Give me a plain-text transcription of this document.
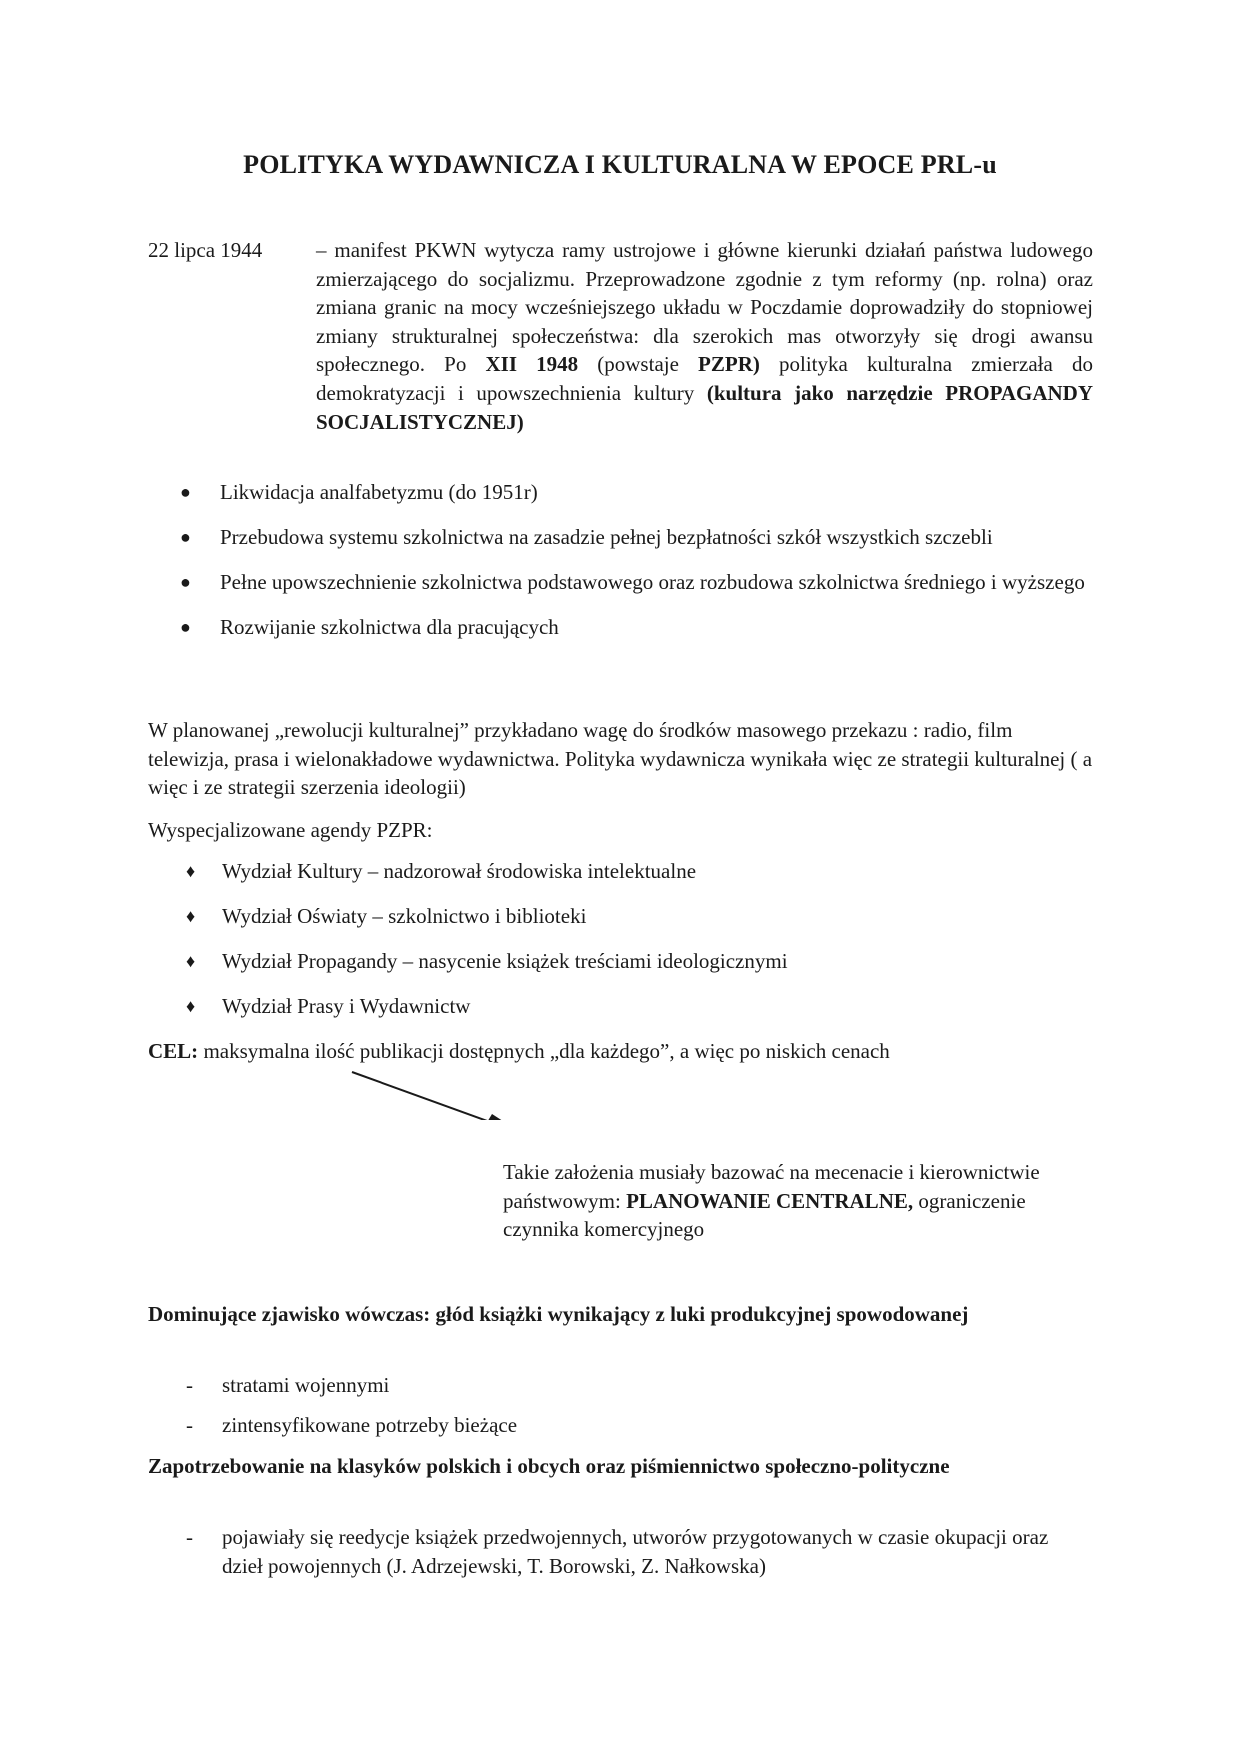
POLITYKA WYDAWNICZA I KULTURALNA W EPOCE PRL-u
22 lipca 1944	– manifest PKWN wytycza ramy ustrojowe i główne kierunki działań państwa ludowego zmierzającego do socjalizmu. Przeprowadzone zgodnie z tym reformy (np. rolna) oraz zmiana granic na mocy wcześniejszego układu w Poczdamie doprowadziły do stopniowej zmiany strukturalnej społeczeństwa: dla szerokich mas otworzyły się drogi awansu społecznego. Po XII 1948 (powstaje PZPR) polityka kulturalna zmierzała do demokratyzacji i upowszechnienia kultury (kultura jako narzędzie PROPAGANDY SOCJALISTYCZNEJ)
● Likwidacja analfabetyzmu (do 1951r)
● Przebudowa systemu szkolnictwa na zasadzie pełnej bezpłatności szkół wszystkich szczebli
● Pełne upowszechnienie szkolnictwa podstawowego oraz rozbudowa szkolnictwa średniego i wyższego
● Rozwijanie szkolnictwa dla pracujących
W planowanej „rewolucji kulturalnej” przykładano wagę do środków masowego przekazu : radio, film telewizja, prasa i wielonakładowe wydawnictwa. Polityka wydawnicza wynikała więc ze strategii kulturalnej ( a więc i ze strategii szerzenia ideologii)
Wyspecjalizowane agendy PZPR:
♦ Wydział Kultury – nadzorował środowiska intelektualne
♦ Wydział Oświaty – szkolnictwo i biblioteki
♦ Wydział Propagandy – nasycenie książek treściami ideologicznymi
♦ Wydział Prasy i Wydawnictw
CEL: maksymalna ilość publikacji dostępnych „dla każdego”, a więc po niskich cenach
Takie założenia musiały bazować na mecenacie i kierownictwie państwowym: PLANOWANIE CENTRALNE, ograniczenie czynnika komercyjnego
Dominujące zjawisko wówczas: głód książki wynikający z luki produkcyjnej spowodowanej
- stratami wojennymi
- zintensyfikowane potrzeby bieżące
Zapotrzebowanie na klasyków polskich i obcych oraz piśmiennictwo społeczno-polityczne
- pojawiały się reedycje książek przedwojennych, utworów przygotowanych w czasie okupacji oraz dzieł powojennych (J. Adrzejewski, T. Borowski, Z. Nałkowska)
